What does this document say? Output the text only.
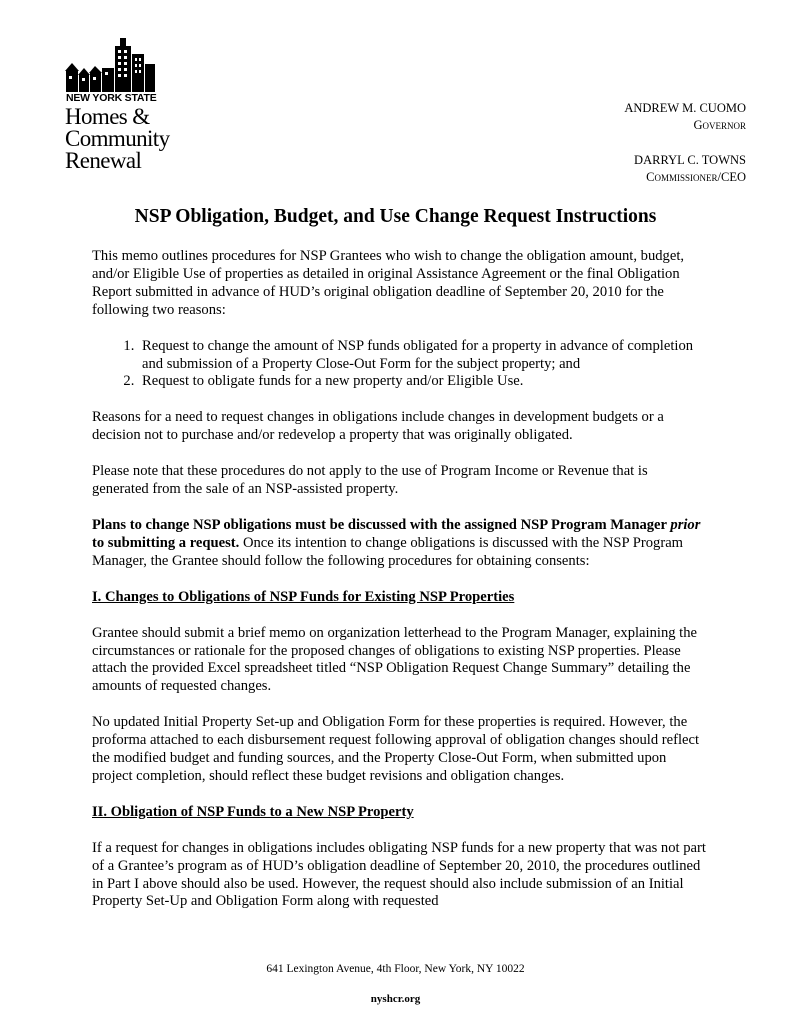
NEW YORK STATE
Homes &
Community
Renewal
ANDREW M. CUOMO
Governor
DARRYL C. TOWNS
Commissioner/CEO
NSP Obligation, Budget, and Use Change Request Instructions

This memo outlines procedures for NSP Grantees who wish to change the obligation amount, budget, and/or Eligible Use of properties as detailed in original Assistance Agreement or the final Obligation Report submitted in advance of HUD’s original obligation deadline of September 20, 2010 for the following two reasons:

1. Request to change the amount of NSP funds obligated for a property in advance of completion and submission of a Property Close-Out Form for the subject property; and
2. Request to obligate funds for a new property and/or Eligible Use.

Reasons for a need to request changes in obligations include changes in development budgets or a decision not to purchase and/or redevelop a property that was originally obligated.

Please note that these procedures do not apply to the use of Program Income or Revenue that is generated from the sale of an NSP-assisted property.

Plans to change NSP obligations must be discussed with the assigned NSP Program Manager prior to submitting a request. Once its intention to change obligations is discussed with the NSP Program Manager, the Grantee should follow the following procedures for obtaining consents:

I. Changes to Obligations of NSP Funds for Existing NSP Properties

Grantee should submit a brief memo on organization letterhead to the Program Manager, explaining the circumstances or rationale for the proposed changes of obligations to existing NSP properties. Please attach the provided Excel spreadsheet titled “NSP Obligation Request Change Summary” detailing the amounts of requested changes.

No updated Initial Property Set-up and Obligation Form for these properties is required. However, the proforma attached to each disbursement request following approval of obligation changes should reflect the modified budget and funding sources, and the Property Close-Out Form, when submitted upon project completion, should reflect these budget revisions and obligation changes.

II. Obligation of NSP Funds to a New NSP Property

If a request for changes in obligations includes obligating NSP funds for a new property that was not part of a Grantee’s program as of HUD’s obligation deadline of September 20, 2010, the procedures outlined in Part I above should also be used. However, the request should also include submission of an Initial Property Set-Up and Obligation Form along with requested

641 Lexington Avenue, 4th Floor, New York, NY 10022
nyshcr.org
